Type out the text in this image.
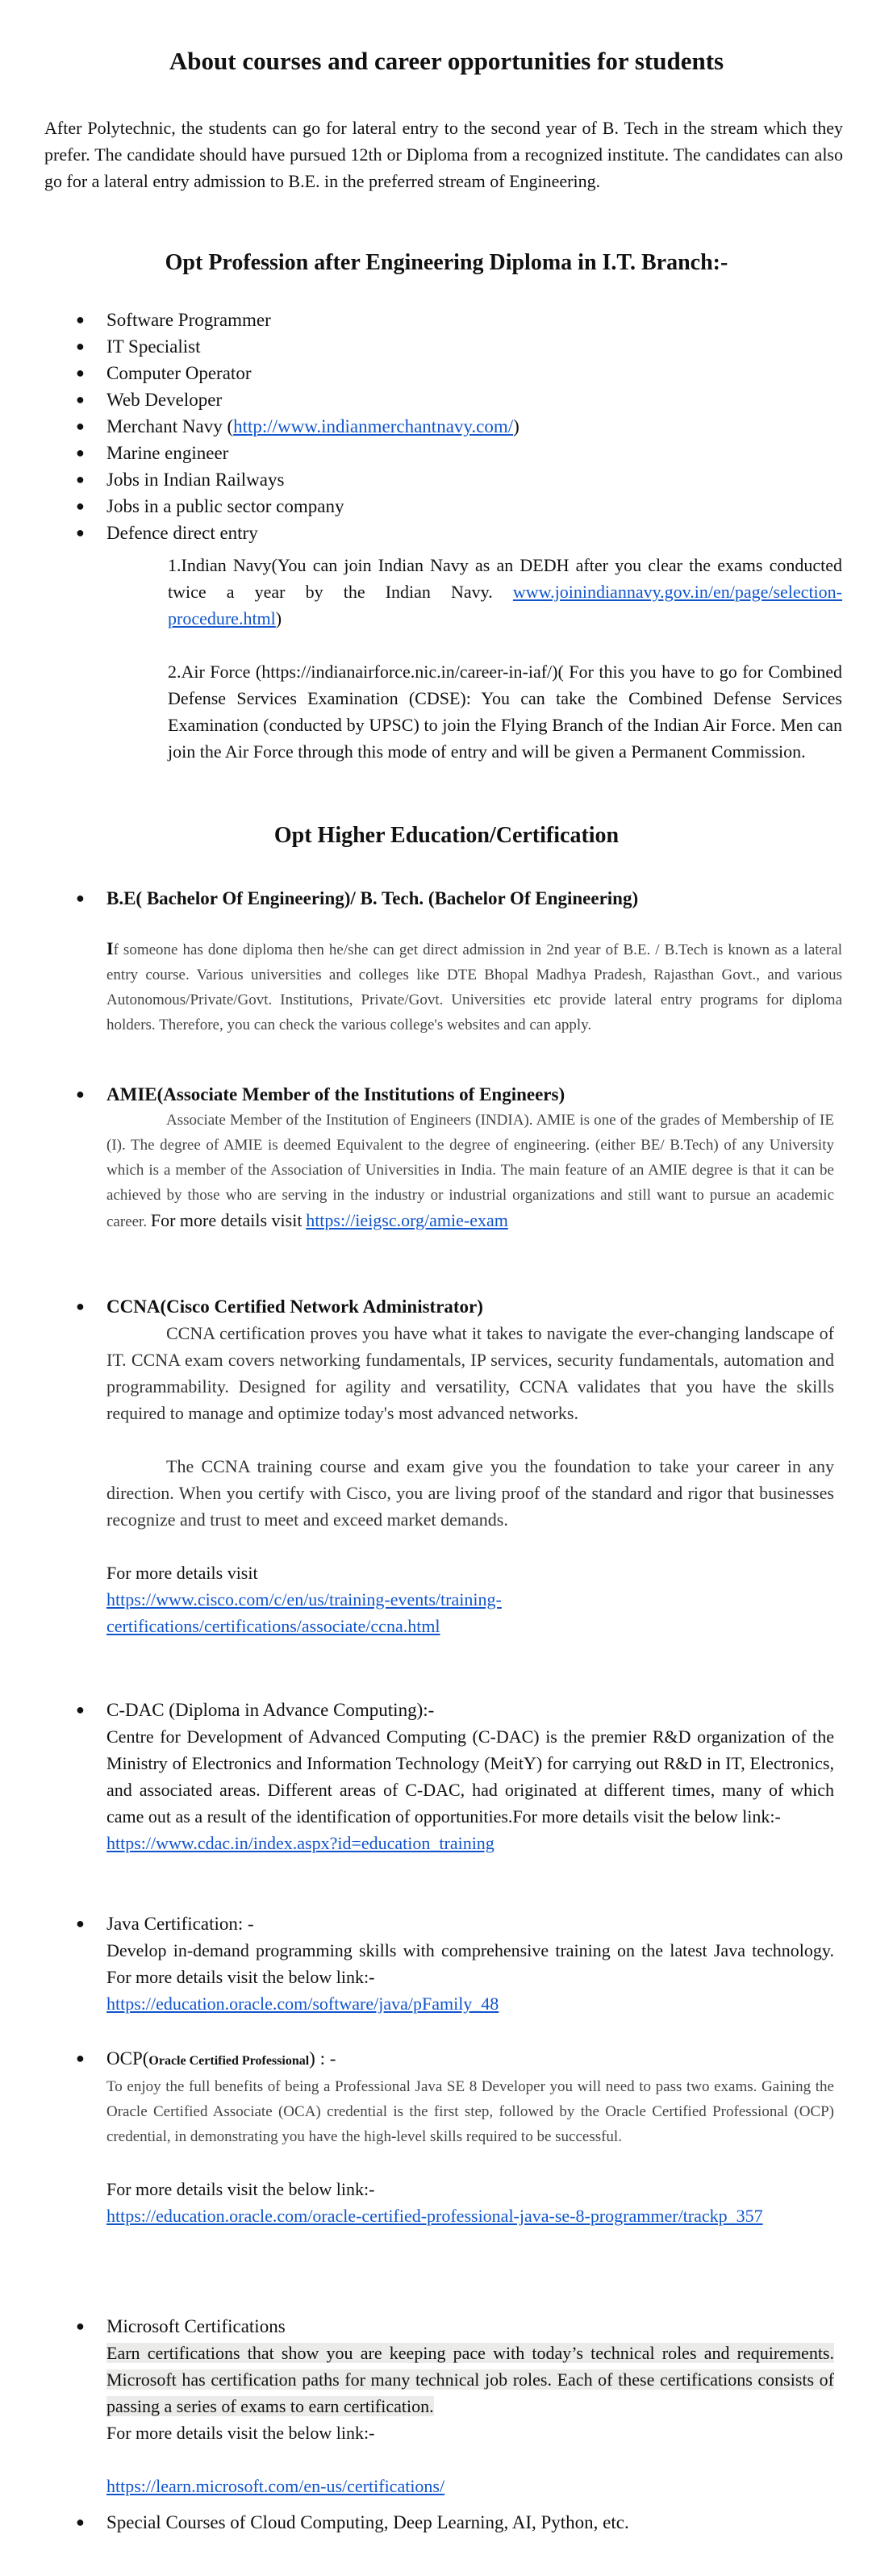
About courses and career opportunities for students
After Polytechnic, the students can go for lateral entry to the second year of B. Tech in the stream which they prefer. The candidate should have pursued 12th or Diploma from a recognized institute. The candidates can also go for a lateral entry admission to B.E. in the preferred stream of Engineering.
Opt Profession after Engineering Diploma in I.T. Branch:-
● Software Programmer
● IT Specialist
● Computer Operator
● Web Developer
● Merchant Navy (http://www.indianmerchantnavy.com/)
● Marine engineer
● Jobs in Indian Railways
● Jobs in a public sector company
● Defence direct entry
1.Indian Navy(You can join Indian Navy as an DEDH after you clear the exams conducted twice a year by the Indian Navy. www.joinindiannavy.gov.in/en/page/selection-procedure.html)
2.Air Force (https://indianairforce.nic.in/career-in-iaf/)( For this you have to go for Combined Defense Services Examination (CDSE): You can take the Combined Defense Services Examination (conducted by UPSC) to join the Flying Branch of the Indian Air Force. Men can join the Air Force through this mode of entry and will be given a Permanent Commission.
Opt Higher Education/Certification
● B.E( Bachelor Of Engineering)/ B. Tech. (Bachelor Of Engineering)
If someone has done diploma then he/she can get direct admission in 2nd year of B.E. / B.Tech is known as a lateral entry course. Various universities and colleges like DTE Bhopal Madhya Pradesh, Rajasthan Govt., and various Autonomous/Private/Govt. Institutions, Private/Govt. Universities etc provide lateral entry programs for diploma holders. Therefore, you can check the various college's websites and can apply.
● AMIE(Associate Member of the Institutions of Engineers)
Associate Member of the Institution of Engineers (INDIA). AMIE is one of the grades of Membership of IE (I). The degree of AMIE is deemed Equivalent to the degree of engineering. (either BE/ B.Tech) of any University which is a member of the Association of Universities in India. The main feature of an AMIE degree is that it can be achieved by those who are serving in the industry or industrial organizations and still want to pursue an academic career. For more details visit https://ieigsc.org/amie-exam
● CCNA(Cisco Certified Network Administrator)
CCNA certification proves you have what it takes to navigate the ever-changing landscape of IT. CCNA exam covers networking fundamentals, IP services, security fundamentals, automation and programmability. Designed for agility and versatility, CCNA validates that you have the skills required to manage and optimize today's most advanced networks.
The CCNA training course and exam give you the foundation to take your career in any direction. When you certify with Cisco, you are living proof of the standard and rigor that businesses recognize and trust to meet and exceed market demands.
For more details visit
https://www.cisco.com/c/en/us/training-events/training-certifications/certifications/associate/ccna.html
● C-DAC (Diploma in Advance Computing):-
Centre for Development of Advanced Computing (C-DAC) is the premier R&D organization of the Ministry of Electronics and Information Technology (MeitY) for carrying out R&D in IT, Electronics, and associated areas. Different areas of C-DAC, had originated at different times, many of which came out as a result of the identification of opportunities.For more details visit the below link:-
https://www.cdac.in/index.aspx?id=education_training
● Java Certification: -
Develop in-demand programming skills with comprehensive training on the latest Java technology. For more details visit the below link:-
https://education.oracle.com/software/java/pFamily_48
● OCP(Oracle Certified Professional) : -
To enjoy the full benefits of being a Professional Java SE 8 Developer you will need to pass two exams. Gaining the Oracle Certified Associate (OCA) credential is the first step, followed by the Oracle Certified Professional (OCP) credential, in demonstrating you have the high-level skills required to be successful.
For more details visit the below link:-
https://education.oracle.com/oracle-certified-professional-java-se-8-programmer/trackp_357
● Microsoft Certifications
Earn certifications that show you are keeping pace with today’s technical roles and requirements. Microsoft has certification paths for many technical job roles. Each of these certifications consists of passing a series of exams to earn certification.
For more details visit the below link:-
https://learn.microsoft.com/en-us/certifications/
● Special Courses of Cloud Computing, Deep Learning, AI, Python, etc.
